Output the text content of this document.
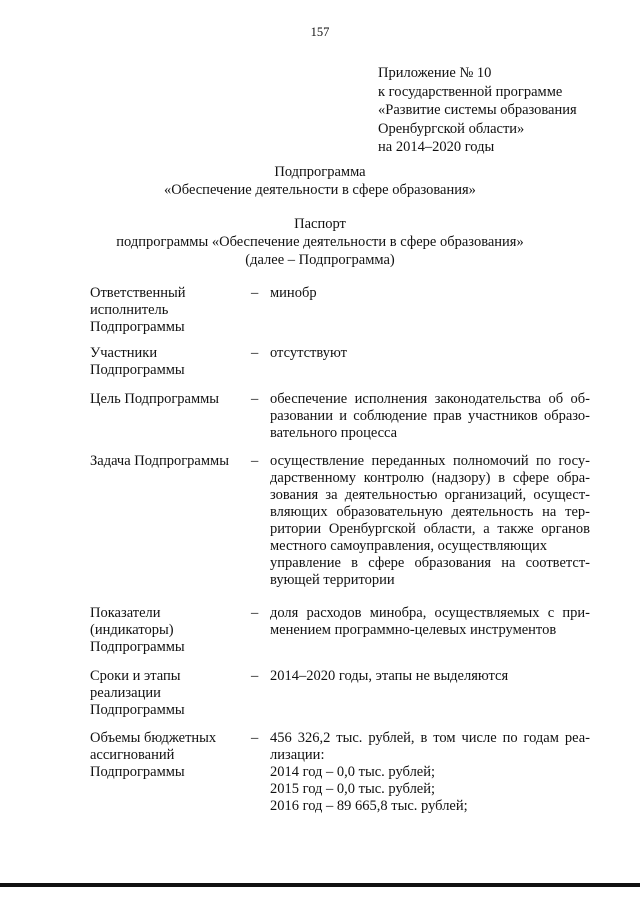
157
Приложение № 10
к государственной программе
«Развитие системы образования
Оренбургской области»
на 2014–2020 годы
Подпрограмма
«Обеспечение деятельности в сфере образования»
Паспорт
подпрограммы «Обеспечение деятельности в сфере образования»
(далее – Подпрограмма)
Ответственный
исполнитель
Подпрограммы
– минобр
Участники
Подпрограммы
– отсутствуют
Цель Подпрограммы	– обеспечение исполнения законодательства об об-
разовании и соблюдение прав участников образо-
вательного процесса
Задача Подпрограммы	– осуществление переданных полномочий по госу-
дарственному контролю (надзору) в сфере обра-
зования за деятельностью организаций, осущест-
вляющих образовательную деятельность на тер-
ритории Оренбургской области, а также органов
местного самоуправления, осуществляющих
управление в сфере образования на соответст-
вующей территории
Показатели
(индикаторы)
Подпрограммы
– доля расходов минобра, осуществляемых с при-
менением программно-целевых инструментов
Сроки и этапы
реализации
Подпрограммы
– 2014–2020 годы, этапы не выделяются
Объемы бюджетных
ассигнований
Подпрограммы
– 456 326,2 тыс. рублей, в том числе по годам реа-
лизации:
2014 год – 0,0 тыс. рублей;
2015 год – 0,0 тыс. рублей;
2016 год – 89 665,8 тыс. рублей;
